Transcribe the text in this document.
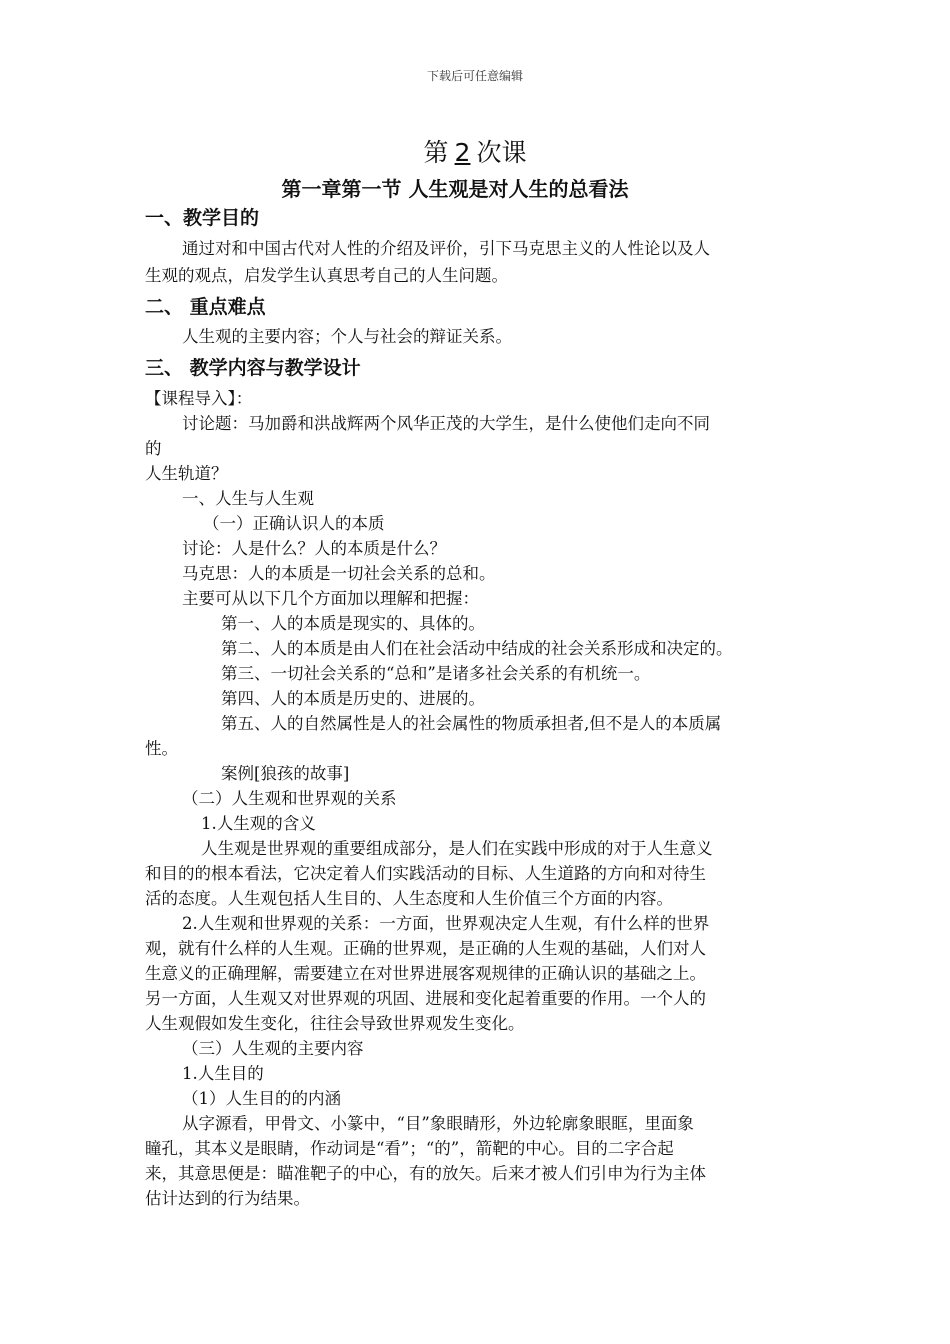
下载后可任意编辑
第 2 次课
第一章第一节 人生观是对人生的总看法
一、教学目的
通过对和中国古代对人性的介绍及评价，引下马克思主义的人性论以及人
生观的观点，启发学生认真思考自己的人生问题。
二、 重点难点
人生观的主要内容；个人与社会的辩证关系。
三、 教学内容与教学设计
【课程导入】：
讨论题：马加爵和洪战辉两个风华正茂的大学生，是什么使他们走向不同
的
人生轨道？
一、人生与人生观
（一）正确认识人的本质
讨论：人是什么？人的本质是什么？
马克思：人的本质是一切社会关系的总和。
主要可从以下几个方面加以理解和把握：
第一、人的本质是现实的、具体的。
第二、人的本质是由人们在社会活动中结成的社会关系形成和决定的。
第三、一切社会关系的“总和”是诸多社会关系的有机统一。
第四、人的本质是历史的、进展的。
第五、人的自然属性是人的社会属性的物质承担者,但不是人的本质属
性。
案例[狼孩的故事]
（二）人生观和世界观的关系
1.人生观的含义
人生观是世界观的重要组成部分，是人们在实践中形成的对于人生意义
和目的的根本看法，它决定着人们实践活动的目标、人生道路的方向和对待生
活的态度。人生观包括人生目的、人生态度和人生价值三个方面的内容。
2.人生观和世界观的关系：一方面，世界观决定人生观，有什么样的世界
观，就有什么样的人生观。正确的世界观，是正确的人生观的基础，人们对人
生意义的正确理解，需要建立在对世界进展客观规律的正确认识的基础之上。
另一方面，人生观又对世界观的巩固、进展和变化起着重要的作用。一个人的
人生观假如发生变化，往往会导致世界观发生变化。
（三）人生观的主要内容
1.人生目的
（1）人生目的的内涵
从字源看，甲骨文、小篆中，“目”象眼睛形，外边轮廓象眼眶，里面象
瞳孔，其本义是眼睛，作动词是“看”；“的”，箭靶的中心。目的二字合起
来，其意思便是：瞄准靶子的中心，有的放矢。后来才被人们引申为行为主体
估计达到的行为结果。
